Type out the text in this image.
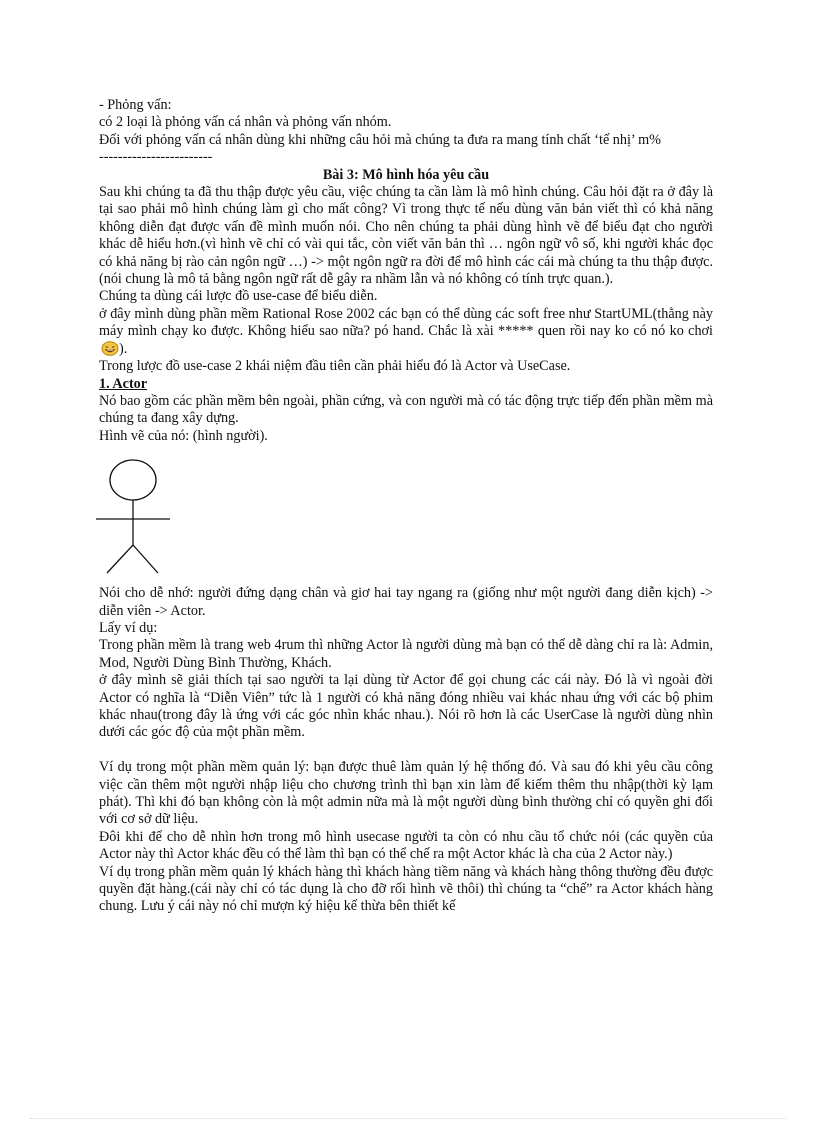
- Phỏng vấn:

có 2 loại là phỏng vấn cá nhân và phỏng vấn nhóm.

Đối với phỏng vấn cá nhân dùng khi những câu hỏi mà chúng ta đưa ra mang tính chất ‘tế nhị’ m%

------------------------

Bài 3: Mô hình hóa yêu cầu

Sau khi chúng ta đã thu thập được yêu cầu, việc chúng ta cần làm là mô hình chúng. Câu hỏi đặt ra ở đây là tại sao phải mô hình chúng làm gì cho mất công? Vì trong thực tế nếu dùng văn bản viết thì có khả năng không diễn đạt được vấn đề mình muốn nói. Cho nên chúng ta phải dùng hình vẽ để biểu đạt cho người khác dễ hiểu hơn.(vì hình vẽ chỉ có vài qui tắc, còn viết văn bản thì … ngôn ngữ vô số, khi người khác đọc có khả năng bị rào cản ngôn ngữ …) -> một ngôn ngữ ra đời để mô hình các cái mà chúng ta thu thập được.(nói chung là mô tả bằng ngôn ngữ rất dễ gây ra nhầm lẫn và nó không có tính trực quan.).

Chúng ta dùng cái lược đồ use-case để biểu diễn.

ở đây mình dùng phần mềm Rational Rose 2002 các bạn có thể dùng các soft free như StartUML(thằng này máy mình chạy ko được. Không hiểu sao nữa? pó hand. Chắc là xài ***** quen rồi nay ko có nó ko chơi).

Trong lược đồ use-case 2 khái niệm đầu tiên cần phải hiểu đó là Actor và UseCase.

1. Actor

Nó bao gồm các phần mềm bên ngoài, phần cứng, và con người mà có tác động trực tiếp đến phần mềm mà chúng ta đang xây dựng.

Hình vẽ của nó: (hình người).

Nói cho dễ nhớ: người đứng dạng chân và giơ hai tay ngang ra (giống như một người đang diễn kịch) -> diễn viên -> Actor.

Lấy ví dụ:

Trong phần mềm là trang web 4rum thì những Actor là người dùng mà bạn có thể dễ dàng chỉ ra là: Admin, Mod, Người Dùng Bình Thường, Khách.

ở đây mình sẽ giải thích tại sao người ta lại dùng từ Actor để gọi chung các cái này. Đó là vì ngoài đời Actor có nghĩa là “Diễn Viên” tức là 1 người có khả năng đóng nhiều vai khác nhau ứng với các bộ phim khác nhau(trong đây là ứng với các góc nhìn khác nhau.). Nói rõ hơn là các UserCase là người dùng nhìn dưới các góc độ của một phần mềm.

Ví dụ trong một phần mềm quản lý: bạn được thuê làm quản lý hệ thống đó. Và sau đó khi yêu cầu công việc cần thêm một người nhập liệu cho chương trình thì bạn xin làm để kiếm thêm thu nhập(thời kỳ lạm phát). Thì khi đó bạn không còn là một admin nữa mà là một người dùng bình thường chỉ có quyền ghi đối với cơ sở dữ liệu.

Đôi khi để cho dễ nhìn hơn trong mô hình usecase người ta còn có nhu cầu tổ chức nói (các quyền của Actor này thì Actor khác đều có thể làm thì bạn có thể chế ra một Actor khác là cha của 2 Actor này.)

Ví dụ trong phần mềm quản lý khách hàng thì khách hàng tiềm năng và khách hàng thông thường đều được quyền đặt hàng.(cái này chỉ có tác dụng là cho đỡ rối hình vẽ thôi) thì chúng ta “chế” ra Actor khách hàng chung. Lưu ý cái này nó chỉ mượn ký hiệu kế thừa bên thiết kế
